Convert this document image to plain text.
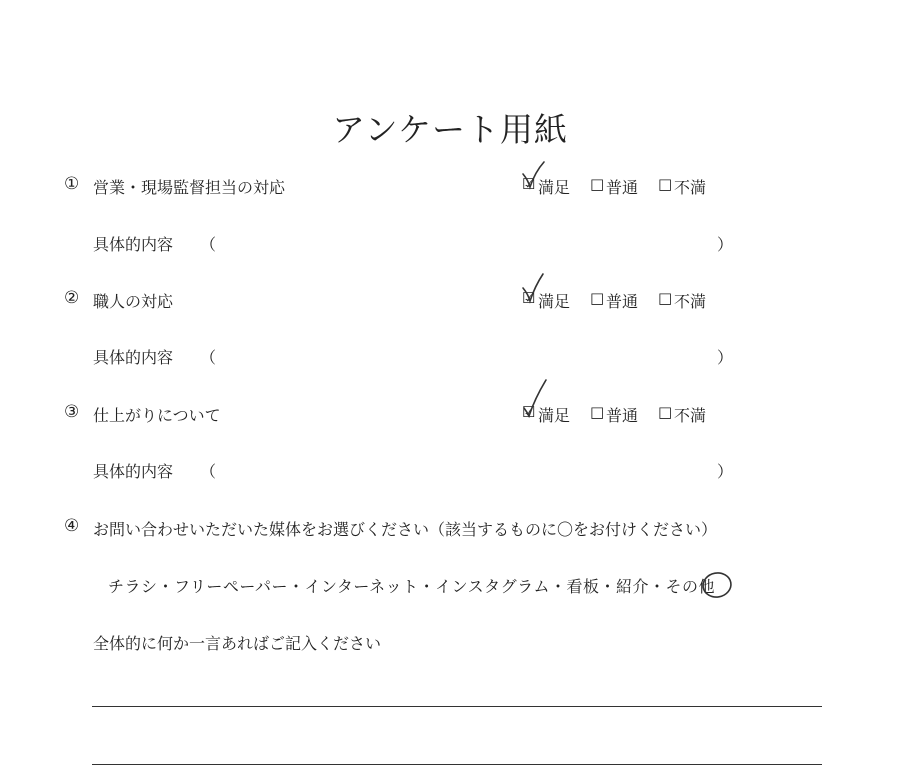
アンケート用紙
① 営業・現場監督担当の対応	☑ 満足 □ 普通 □ 不満
具体的内容 （	）
② 職人の対応	☑ 満足 □ 普通 □ 不満
具体的内容 （	）
③ 仕上がりについて	☑ 満足 □ 普通 □ 不満
具体的内容 （	）
④ お問い合わせいただいた媒体をお選びください（該当するものに〇をお付けください）
チラシ・フリーペーパー・インターネット・インスタグラム・看板・紹介・その他
全体的に何か一言あればご記入ください
